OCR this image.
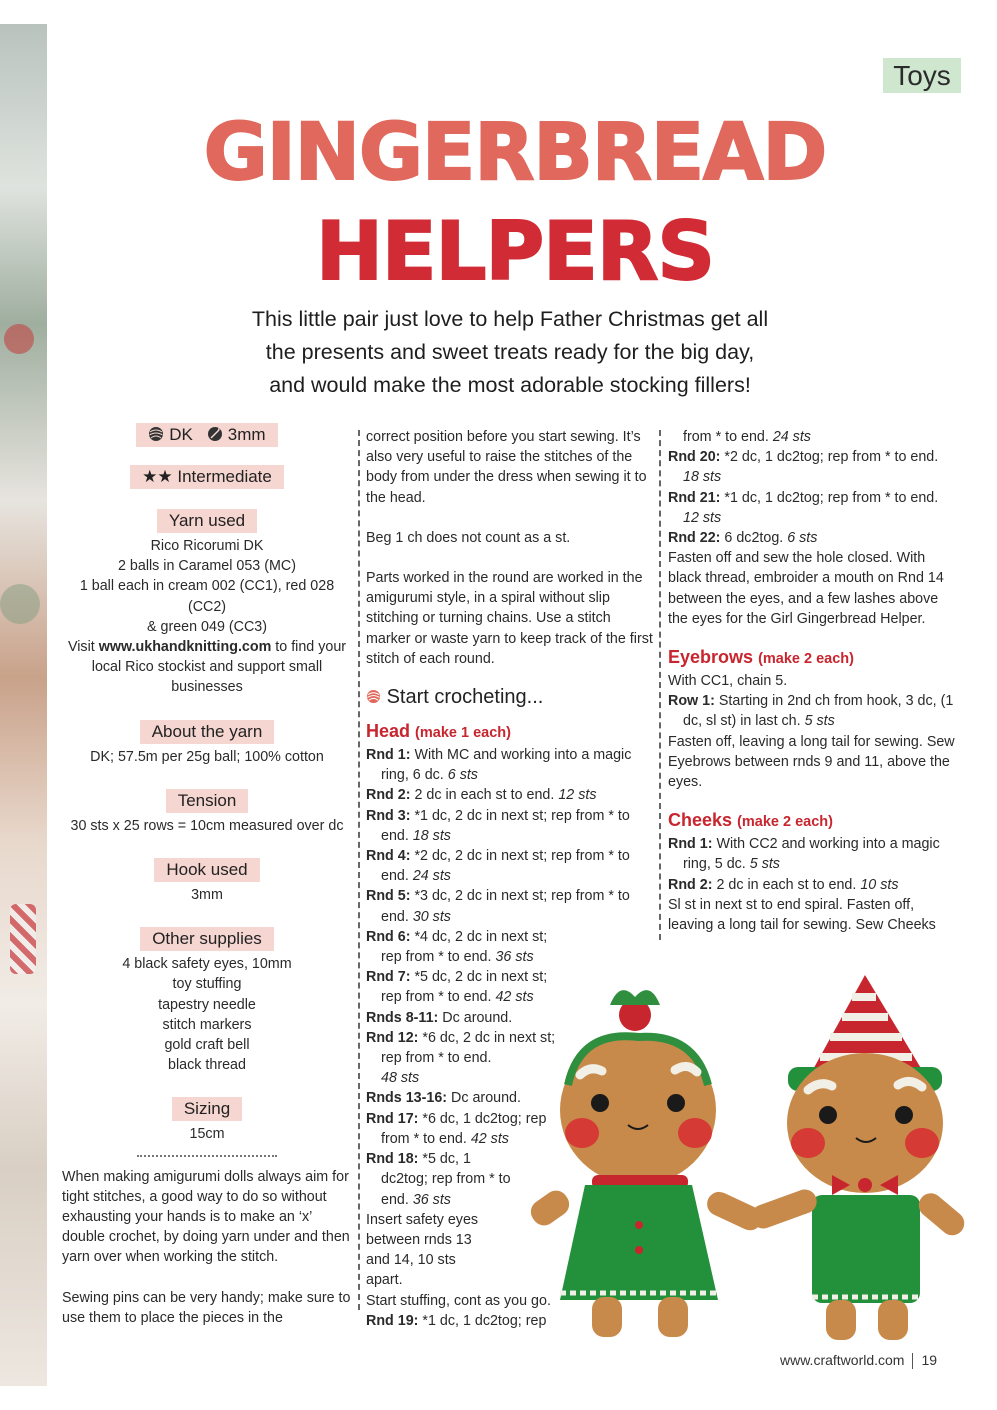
Toys
GINGERBREAD
HELPERS
This little pair just love to help Father Christmas get all
the presents and sweet treats ready for the big day,
and would make the most adorable stocking fillers!
DK 3mm
★★ Intermediate
Yarn used
Rico Ricorumi DK
2 balls in Caramel 053 (MC)
1 ball each in cream 002 (CC1), red 028 (CC2)
& green 049 (CC3)
Visit www.ukhandknitting.com to find your local Rico stockist and support small businesses
About the yarn
DK; 57.5m per 25g ball; 100% cotton
Tension
30 sts x 25 rows = 10cm measured over dc
Hook used
3mm
Other supplies
4 black safety eyes, 10mm
toy stuffing
tapestry needle
stitch markers
gold craft bell
black thread
Sizing
15cm
When making amigurumi dolls always aim for tight stitches, a good way to do so without exhausting your hands is to make an ‘x’ double crochet, by doing yarn under and then yarn over when working the stitch.
Sewing pins can be very handy; make sure to use them to place the pieces in the
correct position before you start sewing. It’s also very useful to raise the stitches of the body from under the dress when sewing it to the head.
Beg 1 ch does not count as a st.
Parts worked in the round are worked in the amigurumi style, in a spiral without slip stitching or turning chains. Use a stitch marker or waste yarn to keep track of the first stitch of each round.
Start crocheting...
Head (make 1 each)
Rnd 1: With MC and working into a magic ring, 6 dc. 6 sts
Rnd 2: 2 dc in each st to end. 12 sts
Rnd 3: *1 dc, 2 dc in next st; rep from * to end. 18 sts
Rnd 4: *2 dc, 2 dc in next st; rep from * to end. 24 sts
Rnd 5: *3 dc, 2 dc in next st; rep from * to end. 30 sts
Rnd 6: *4 dc, 2 dc in next st; rep from * to end. 36 sts
Rnd 7: *5 dc, 2 dc in next st; rep from * to end. 42 sts
Rnds 8-11: Dc around.
Rnd 12: *6 dc, 2 dc in next st; rep from * to end.
48 sts
Rnds 13-16: Dc around.
Rnd 17: *6 dc, 1 dc2tog; rep from * to end. 42 sts
Rnd 18: *5 dc, 1 dc2tog; rep from * to end. 36 sts
Insert safety eyes between rnds 13 and 14, 10 sts apart.
Start stuffing, cont as you go.
Rnd 19: *1 dc, 1 dc2tog; rep
from * to end. 24 sts
Rnd 20: *2 dc, 1 dc2tog; rep from * to end. 18 sts
Rnd 21: *1 dc, 1 dc2tog; rep from * to end. 12 sts
Rnd 22: 6 dc2tog. 6 sts
Fasten off and sew the hole closed. With black thread, embroider a mouth on Rnd 14 between the eyes, and a few lashes above the eyes for the Girl Gingerbread Helper.
Eyebrows (make 2 each)
With CC1, chain 5.
Row 1: Starting in 2nd ch from hook, 3 dc, (1 dc, sl st) in last ch. 5 sts
Fasten off, leaving a long tail for sewing. Sew Eyebrows between rnds 9 and 11, above the eyes.
Cheeks (make 2 each)
Rnd 1: With CC2 and working into a magic ring, 5 dc. 5 sts
Rnd 2: 2 dc in each st to end. 10 sts
Sl st in next st to end spiral. Fasten off, leaving a long tail for sewing. Sew Cheeks
www.craftworld.com 19
